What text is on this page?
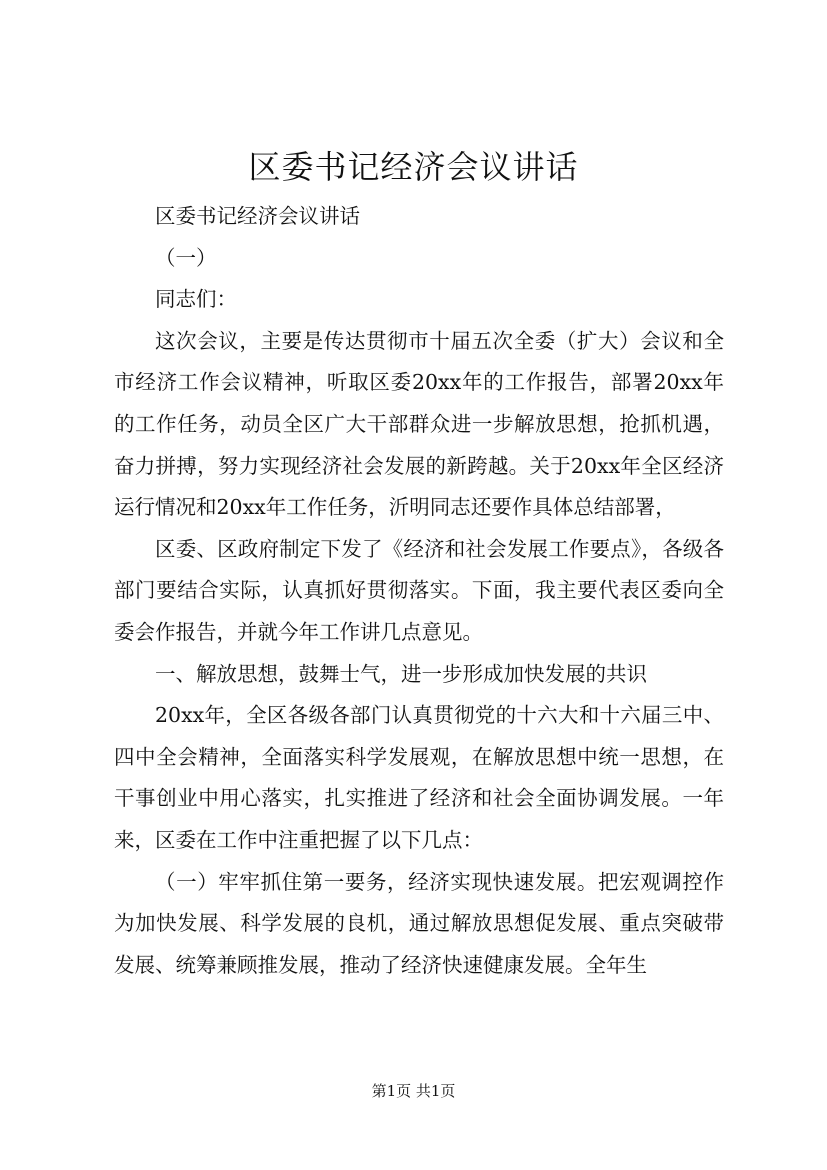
区委书记经济会议讲话

区委书记经济会议讲话

（一）

同志们：

这次会议，主要是传达贯彻市十届五次全委（扩大）会议和全市经济工作会议精神，听取区委20xx年的工作报告，部署20xx年的工作任务，动员全区广大干部群众进一步解放思想，抢抓机遇，奋力拼搏，努力实现经济社会发展的新跨越。关于20xx年全区经济运行情况和20xx年工作任务，沂明同志还要作具体总结部署，

区委、区政府制定下发了《经济和社会发展工作要点》，各级各部门要结合实际，认真抓好贯彻落实。下面，我主要代表区委向全委会作报告，并就今年工作讲几点意见。

一、解放思想，鼓舞士气，进一步形成加快发展的共识

20xx年，全区各级各部门认真贯彻党的十六大和十六届三中、四中全会精神，全面落实科学发展观，在解放思想中统一思想，在干事创业中用心落实，扎实推进了经济和社会全面协调发展。一年来，区委在工作中注重把握了以下几点：

（一）牢牢抓住第一要务，经济实现快速发展。把宏观调控作为加快发展、科学发展的良机，通过解放思想促发展、重点突破带发展、统筹兼顾推发展，推动了经济快速健康发展。全年生

第1页 共1页
